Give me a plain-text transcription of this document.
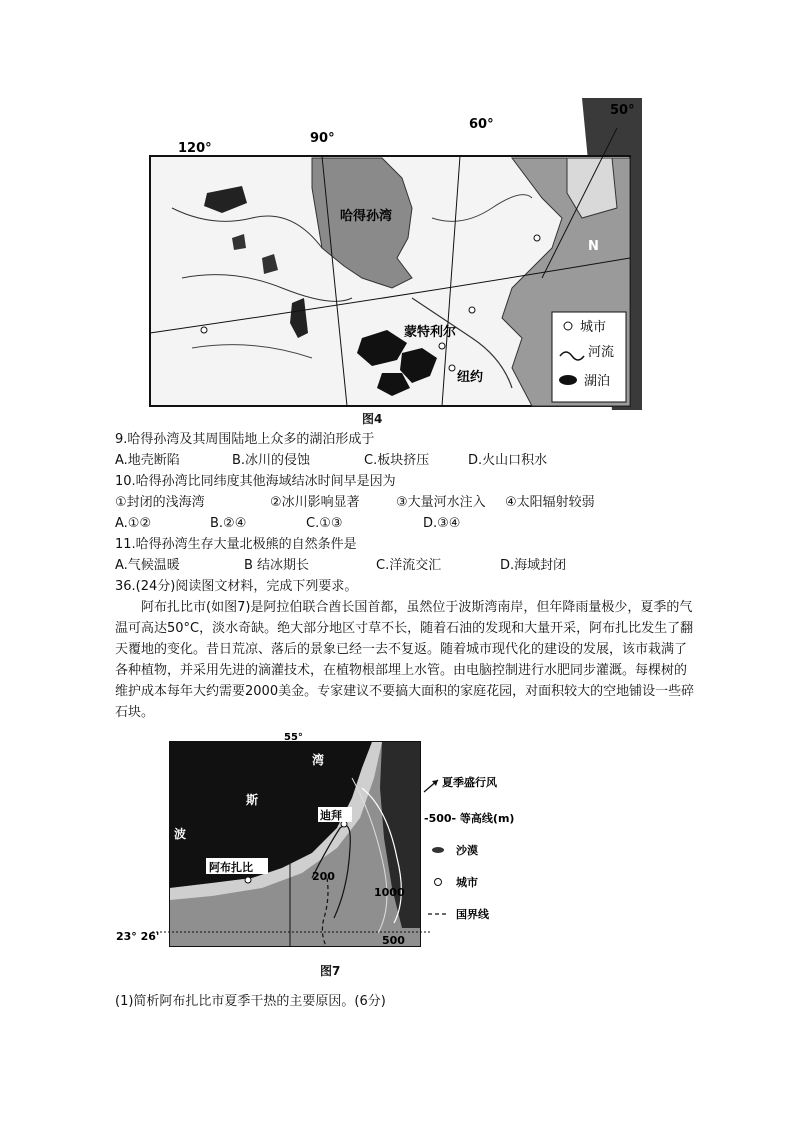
120°
90°
60°
50°
哈得孙湾
蒙特利尔
纽约
N
城市
河流
湖泊
图4
9.哈得孙湾及其周围陆地上众多的湖泊形成于
A.地壳断陷	B.冰川的侵蚀	C.板块挤压	D.火山口积水
10.哈得孙湾比同纬度其他海域结冰时间早是因为
①封闭的浅海湾	②冰川影响显著	③大量河水注入 ④太阳辐射较弱
A.①②	B.②④	C.①③	D.③④
11.哈得孙湾生存大量北极熊的自然条件是
A.气候温暖	B 结冰期长	C.洋流交汇	D.海域封闭
36.(24分)阅读图文材料，完成下列要求。
阿布扎比市(如图7)是阿拉伯联合酋长国首都，虽然位于波斯湾南岸，但年降雨量极少，夏季的气温可高达50°C，淡水奇缺。绝大部分地区寸草不长，随着石油的发现和大量开采，阿布扎比发生了翻天覆地的变化。昔日荒凉、落后的景象已经一去不复返。随着城市现代化的建设的发展，该市栽满了各种植物，并采用先进的滴灌技术，在植物根部埋上水管。由电脑控制进行水肥同步灌溉。每棵树的维护成本每年大约需要2000美金。专家建议不要搞大面积的家庭花园，对面积较大的空地铺设一些碎石块。
55°
23° 26'
波
斯
湾
阿布扎比
迪拜
200
1000
500
夏季盛行风
-500- 等高线(m)
沙漠
城市
国界线
图7
(1)简析阿布扎比市夏季干热的主要原因。(6分)
